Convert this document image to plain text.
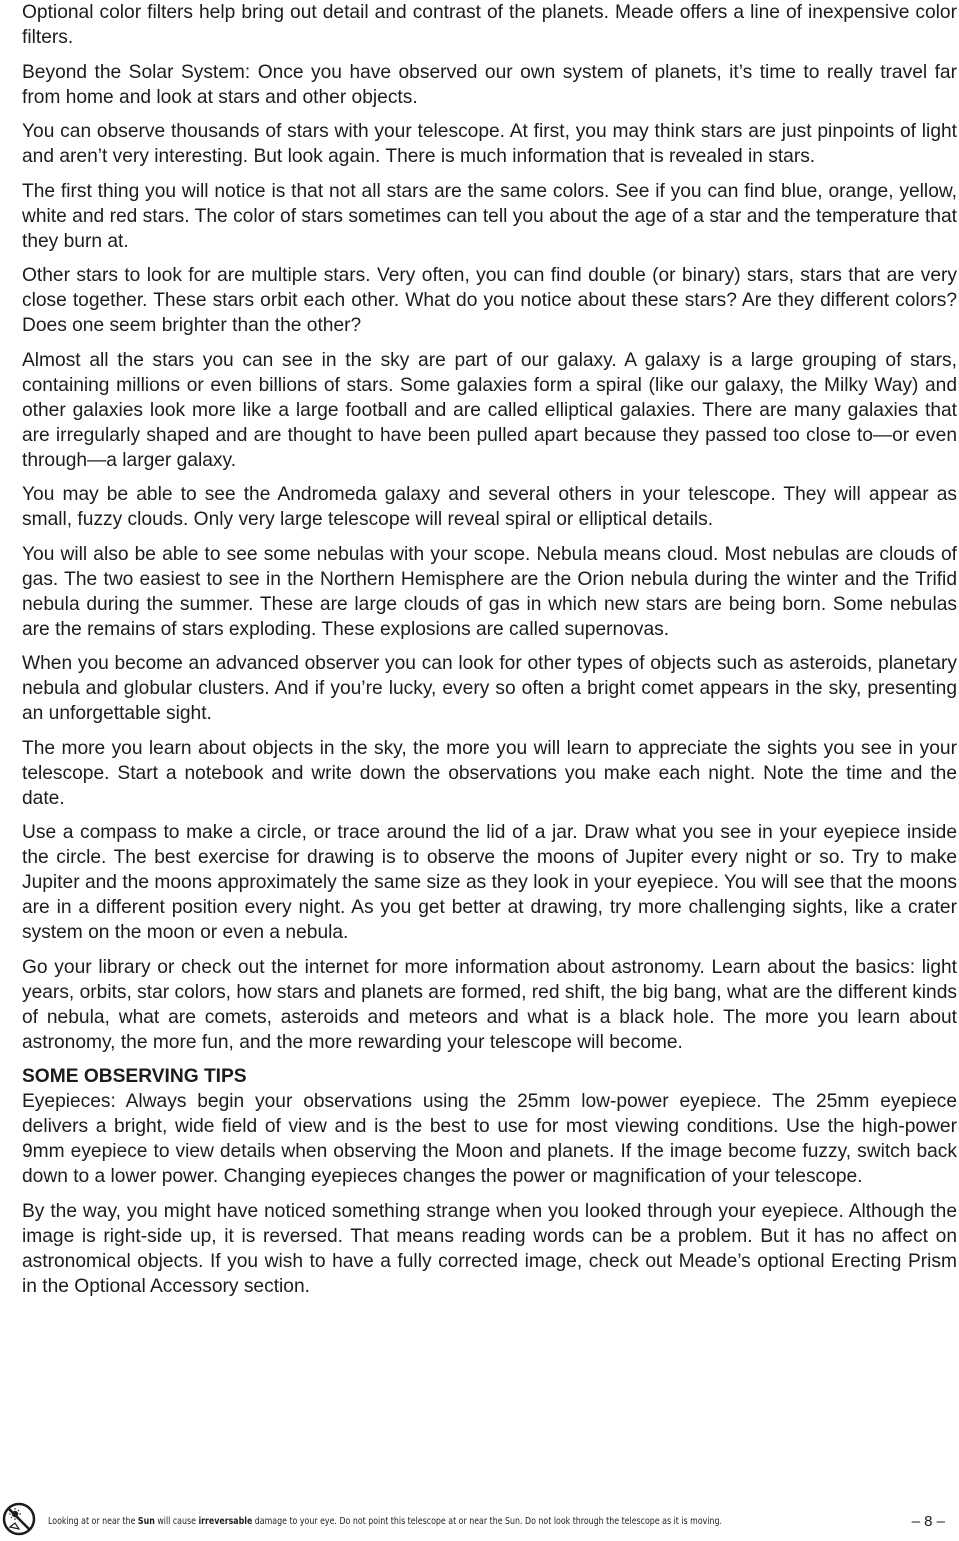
Optional color filters help bring out detail and contrast of the planets. Meade offers a line of inexpensive color filters.

Beyond the Solar System: Once you have observed our own system of planets, it’s time to really travel far from home and look at stars and other objects.

You can observe thousands of stars with your telescope. At first, you may think stars are just pinpoints of light and aren’t very interesting. But look again. There is much information that is revealed in stars.

The first thing you will notice is that not all stars are the same colors. See if you can find blue, orange, yellow, white and red stars. The color of stars sometimes can tell you about the age of a star and the temperature that they burn at.

Other stars to look for are multiple stars. Very often, you can find double (or binary) stars, stars that are very close together. These stars orbit each other. What do you notice about these stars? Are they different colors? Does one seem brighter than the other?

Almost all the stars you can see in the sky are part of our galaxy. A galaxy is a large grouping of stars, containing millions or even billions of stars. Some galaxies form a spiral (like our galaxy, the Milky Way) and other galaxies look more like a large football and are called elliptical galaxies. There are many galaxies that are irregularly shaped and are thought to have been pulled apart because they passed too close to—or even through—a larger galaxy.

You may be able to see the Andromeda galaxy and several others in your telescope. They will appear as small, fuzzy clouds. Only very large telescope will reveal spiral or elliptical details.

You will also be able to see some nebulas with your scope. Nebula means cloud. Most nebulas are clouds of gas. The two easiest to see in the Northern Hemisphere are the Orion nebula during the winter and the Trifid nebula during the summer. These are large clouds of gas in which new stars are being born. Some nebulas are the remains of stars exploding. These explosions are called supernovas.

When you become an advanced observer you can look for other types of objects such as asteroids, planetary nebula and globular clusters. And if you’re lucky, every so often a bright comet appears in the sky, presenting an unforgettable sight.

The more you learn about objects in the sky, the more you will learn to appreciate the sights you see in your telescope. Start a notebook and write down the observations you make each night. Note the time and the date.

Use a compass to make a circle, or trace around the lid of a jar. Draw what you see in your eyepiece inside the circle. The best exercise for drawing is to observe the moons of Jupiter every night or so. Try to make Jupiter and the moons approximately the same size as they look in your eyepiece. You will see that the moons are in a different position every night. As you get better at drawing, try more challenging sights, like a crater system on the moon or even a nebula.

Go your library or check out the internet for more information about astronomy. Learn about the basics: light years, orbits, star colors, how stars and planets are formed, red shift, the big bang, what are the different kinds of nebula, what are comets, asteroids and meteors and what is a black hole. The more you learn about astronomy, the more fun, and the more rewarding your telescope will become.

SOME OBSERVING TIPS

Eyepieces: Always begin your observations using the 25mm low-power eyepiece. The 25mm eyepiece delivers a bright, wide field of view and is the best to use for most viewing conditions. Use the high-power 9mm eyepiece to view details when observing the Moon and planets. If the image become fuzzy, switch back down to a lower power. Changing eyepieces changes the power or magnification of your telescope.

By the way, you might have noticed something strange when you looked through your eyepiece. Although the image is right-side up, it is reversed. That means reading words can be a problem. But it has no affect on astronomical objects. If you wish to have a fully corrected image, check out Meade’s optional Erecting Prism in the Optional Accessory section.

Looking at or near the Sun will cause irreversable damage to your eye. Do not point this telescope at or near the Sun. Do not look through the telescope as it is moving.	– 8 –
